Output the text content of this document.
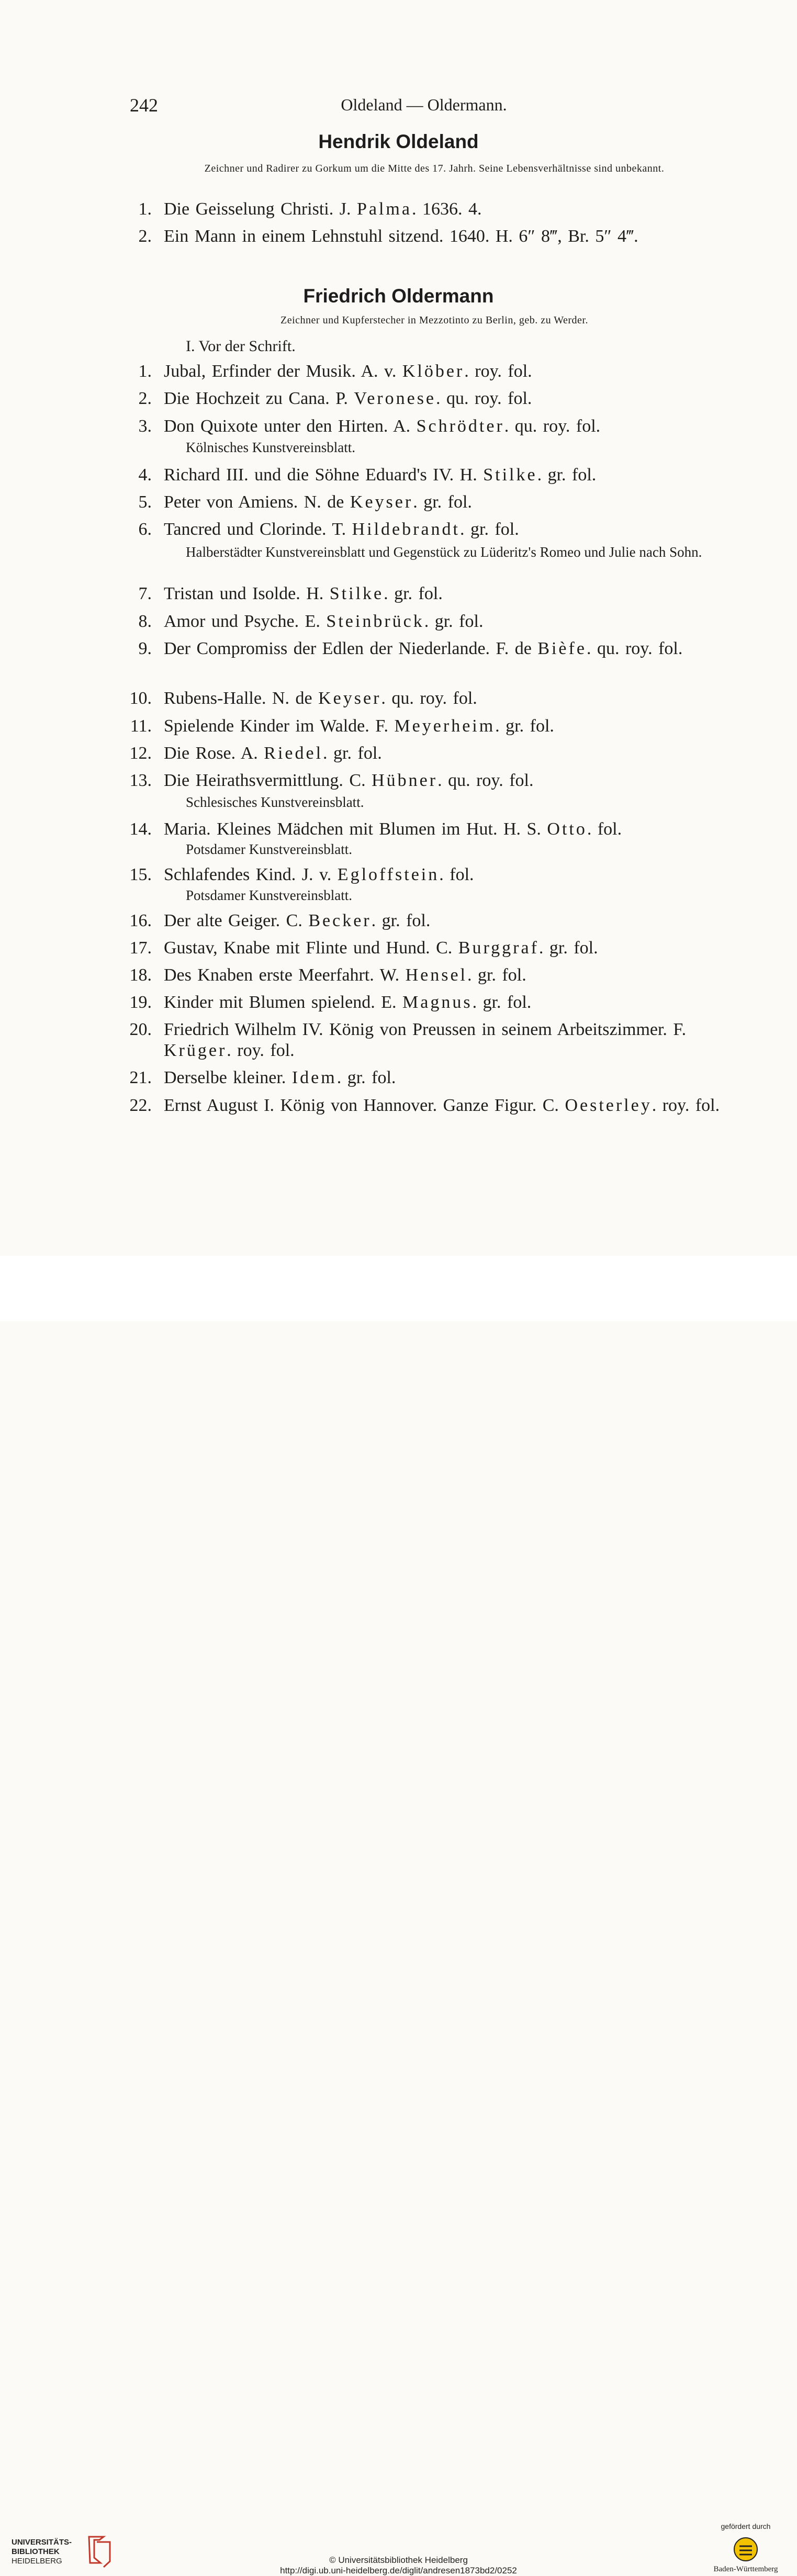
242	Oldeland — Oldermann.
Hendrik Oldeland
Zeichner und Radirer zu Gorkum um die Mitte des 17. Jahrh. Seine Lebensverhältnisse sind unbekannt.
1. Die Geisselung Christi. J. Palma. 1636. 4.
2. Ein Mann in einem Lehnstuhl sitzend. 1640. H. 6″ 8‴, Br. 5″ 4‴.
Friedrich Oldermann
Zeichner und Kupferstecher in Mezzotinto zu Berlin, geb. zu Werder.
I. Vor der Schrift.
1. Jubal, Erfinder der Musik. A. v. Klöber. roy. fol.
2. Die Hochzeit zu Cana. P. Veronese. qu. roy. fol.
3. Don Quixote unter den Hirten. A. Schrödter. qu. roy. fol.
Kölnisches Kunstvereinsblatt.
4. Richard III. und die Söhne Eduard's IV. H. Stilke. gr. fol.
5. Peter von Amiens. N. de Keyser. gr. fol.
6. Tancred und Clorinde. T. Hildebrandt. gr. fol.
Halberstädter Kunstvereinsblatt und Gegenstück zu Lüderitz's Romeo und Julie nach Sohn.
7. Tristan und Isolde. H. Stilke. gr. fol.
8. Amor und Psyche. E. Steinbrück. gr. fol.
9. Der Compromiss der Edlen der Niederlande. F. de Bièfe. qu. roy. fol.
10. Rubens-Halle. N. de Keyser. qu. roy. fol.
11. Spielende Kinder im Walde. F. Meyerheim. gr. fol.
12. Die Rose. A. Riedel. gr. fol.
13. Die Heirathsvermittlung. C. Hübner. qu. roy. fol.
Schlesisches Kunstvereinsblatt.
14. Maria. Kleines Mädchen mit Blumen im Hut. H. S. Otto. fol.
Potsdamer Kunstvereinsblatt.
15. Schlafendes Kind. J. v. Egloffstein. fol.
Potsdamer Kunstvereinsblatt.
16. Der alte Geiger. C. Becker. gr. fol.
17. Gustav, Knabe mit Flinte und Hund. C. Burggraf. gr. fol.
18. Des Knaben erste Meerfahrt. W. Hensel. gr. fol.
19. Kinder mit Blumen spielend. E. Magnus. gr. fol.
20. Friedrich Wilhelm IV. König von Preussen in seinem Arbeitszimmer. F. Krüger. roy. fol.
21. Derselbe kleiner. Idem. gr. fol.
22. Ernst August I. König von Hannover. Ganze Figur. C. Oesterley. roy. fol.
UNIVERSITÄTS-
BIBLIOTHEK
HEIDELBERG	© Universitätsbibliothek Heidelberg
http://digi.ub.uni-heidelberg.de/diglit/andresen1873bd2/0252
gefördert durch
Baden-Württemberg
